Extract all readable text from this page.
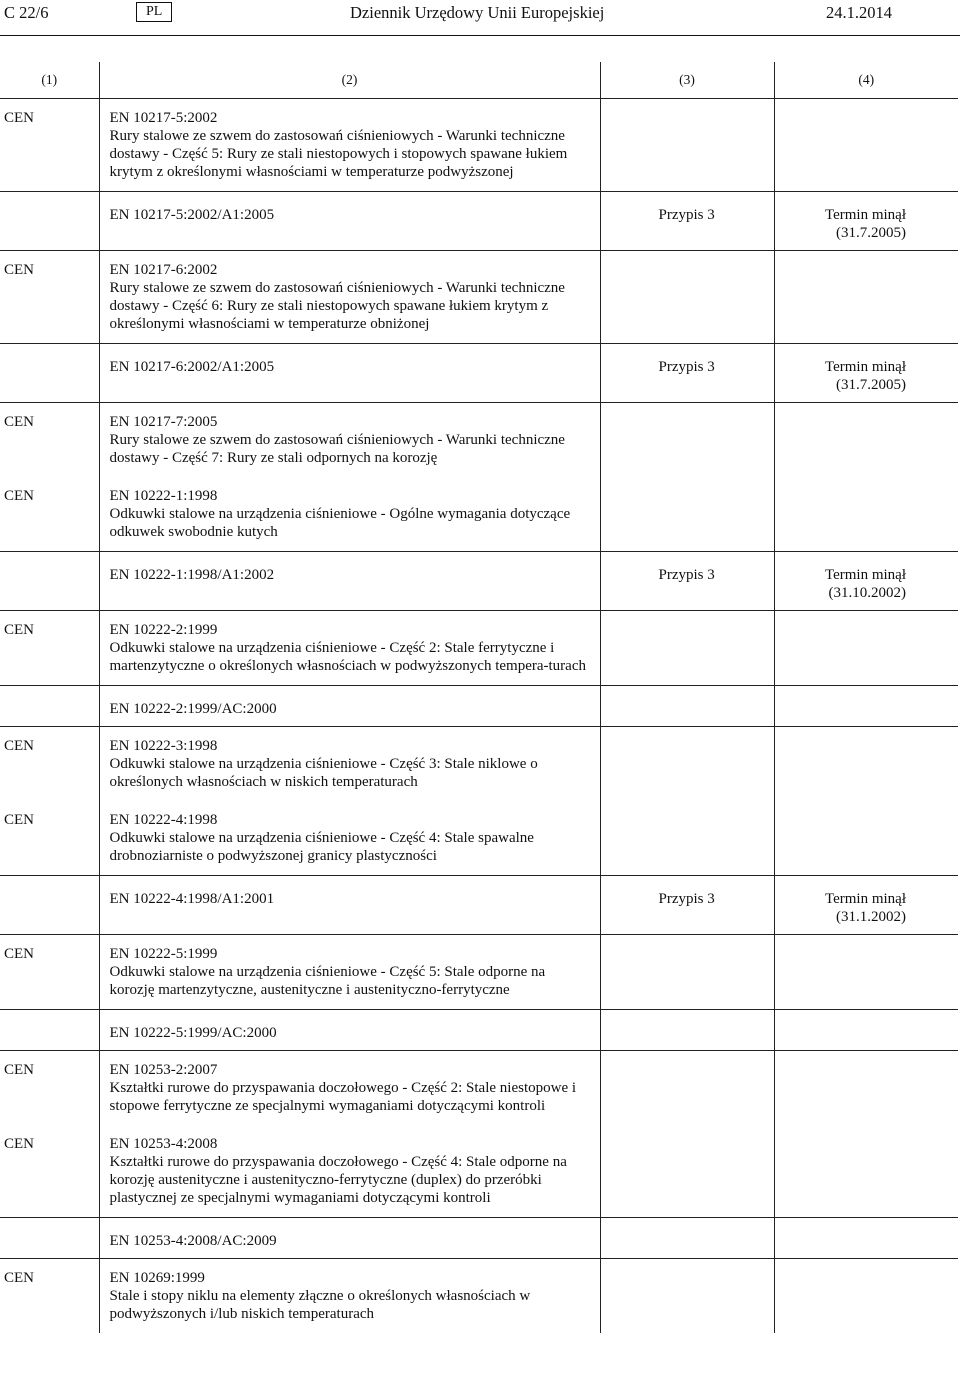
C 22/6	PL	Dziennik Urzędowy Unii Europejskiej	24.1.2014
(1)	(2)	(3)	(4)
CEN	EN 10217-5:2002
Rury stalowe ze szwem do zastosowań ciśnieniowych - Warunki techniczne dostawy - Część 5: Rury ze stali niestopowych i stopowych spawane łukiem krytym z określonymi własnościami w temperaturze podwyższonej		

	EN 10217-5:2002/A1:2005	Przypis 3	Termin minął
(31.7.2005)

CEN	EN 10217-6:2002
Rury stalowe ze szwem do zastosowań ciśnieniowych - Warunki techniczne dostawy - Część 6: Rury ze stali niestopowych spawane łukiem krytym z określonymi własnościami w temperaturze obniżonej		

	EN 10217-6:2002/A1:2005	Przypis 3	Termin minął
(31.7.2005)

CEN	EN 10217-7:2005
Rury stalowe ze szwem do zastosowań ciśnieniowych - Warunki techniczne dostawy - Część 7: Rury ze stali odpornych na korozję		

CEN	EN 10222-1:1998
Odkuwki stalowe na urządzenia ciśnieniowe - Ogólne wymagania dotyczące odkuwek swobodnie kutych		

	EN 10222-1:1998/A1:2002	Przypis 3	Termin minął
(31.10.2002)

CEN	EN 10222-2:1999
Odkuwki stalowe na urządzenia ciśnieniowe - Część 2: Stale ferrytyczne i martenzytyczne o określonych własnościach w podwyższonych tempera-turach		

	EN 10222-2:1999/AC:2000		

CEN	EN 10222-3:1998
Odkuwki stalowe na urządzenia ciśnieniowe - Część 3: Stale niklowe o określonych własnościach w niskich temperaturach		

CEN	EN 10222-4:1998
Odkuwki stalowe na urządzenia ciśnieniowe - Część 4: Stale spawalne drobnoziarniste o podwyższonej granicy plastyczności		

	EN 10222-4:1998/A1:2001	Przypis 3	Termin minął
(31.1.2002)

CEN	EN 10222-5:1999
Odkuwki stalowe na urządzenia ciśnieniowe - Część 5: Stale odporne na korozję martenzytyczne, austenityczne i austenityczno-ferrytyczne		

	EN 10222-5:1999/AC:2000		

CEN	EN 10253-2:2007
Kształtki rurowe do przyspawania doczołowego - Część 2: Stale niestopowe i stopowe ferrytyczne ze specjalnymi wymaganiami dotyczącymi kontroli		

CEN	EN 10253-4:2008
Kształtki rurowe do przyspawania doczołowego - Część 4: Stale odporne na korozję austenityczne i austenityczno-ferrytyczne (duplex) do przeróbki plastycznej ze specjalnymi wymaganiami dotyczącymi kontroli		

	EN 10253-4:2008/AC:2009		

CEN	EN 10269:1999
Stale i stopy niklu na elementy złączne o określonych własnościach w podwyższonych i/lub niskich temperaturach		
